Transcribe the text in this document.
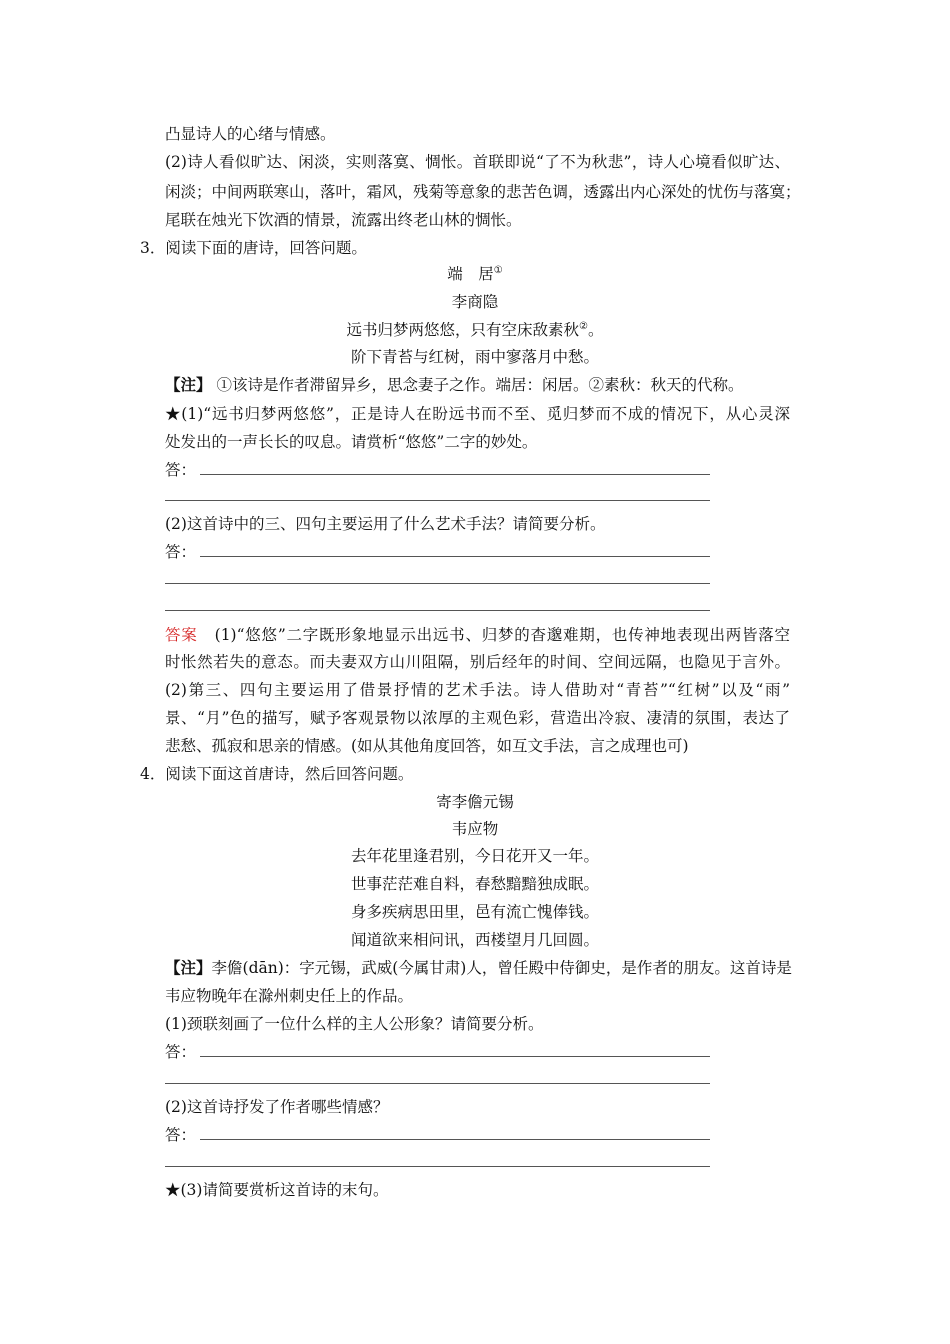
凸显诗人的心绪与情感。
(2)诗人看似旷达、闲淡，实则落寞、惆怅。首联即说“了不为秋悲”，诗人心境看似旷达、
闲淡；中间两联寒山，落叶，霜风，残菊等意象的悲苦色调，透露出内心深处的忧伤与落寞；
尾联在烛光下饮酒的情景，流露出终老山林的惆怅。
3．阅读下面的唐诗，回答问题。
端　居①
李商隐
远书归梦两悠悠，只有空床敌素秋②。
阶下青苔与红树，雨中寥落月中愁。
【注】 ①该诗是作者滞留异乡，思念妻子之作。端居：闲居。②素秋：秋天的代称。
★(1)“远书归梦两悠悠”，正是诗人在盼远书而不至、觅归梦而不成的情况下，从心灵深
处发出的一声长长的叹息。请赏析“悠悠”二字的妙处。
答：
(2)这首诗中的三、四句主要运用了什么艺术手法？请简要分析。
答：
答案 (1)“悠悠”二字既形象地显示出远书、归梦的杳邈难期，也传神地表现出两皆落空
时怅然若失的意态。而夫妻双方山川阻隔，别后经年的时间、空间远隔，也隐见于言外。
(2)第三、四句主要运用了借景抒情的艺术手法。诗人借助对“青苔”“红树”以及“雨”
景、“月”色的描写，赋予客观景物以浓厚的主观色彩，营造出冷寂、凄清的氛围，表达了
悲愁、孤寂和思亲的情感。(如从其他角度回答，如互文手法，言之成理也可)
4．阅读下面这首唐诗，然后回答问题。
寄李儋元锡
韦应物
去年花里逢君别，今日花开又一年。
世事茫茫难自料，春愁黯黯独成眠。
身多疾病思田里，邑有流亡愧俸钱。
闻道欲来相问讯，西楼望月几回圆。
【注】李儋(dān)：字元锡，武威(今属甘肃)人，曾任殿中侍御史，是作者的朋友。这首诗是
韦应物晚年在滁州刺史任上的作品。
(1)颈联刻画了一位什么样的主人公形象？请简要分析。
答：
(2)这首诗抒发了作者哪些情感？
答：
★(3)请简要赏析这首诗的末句。
